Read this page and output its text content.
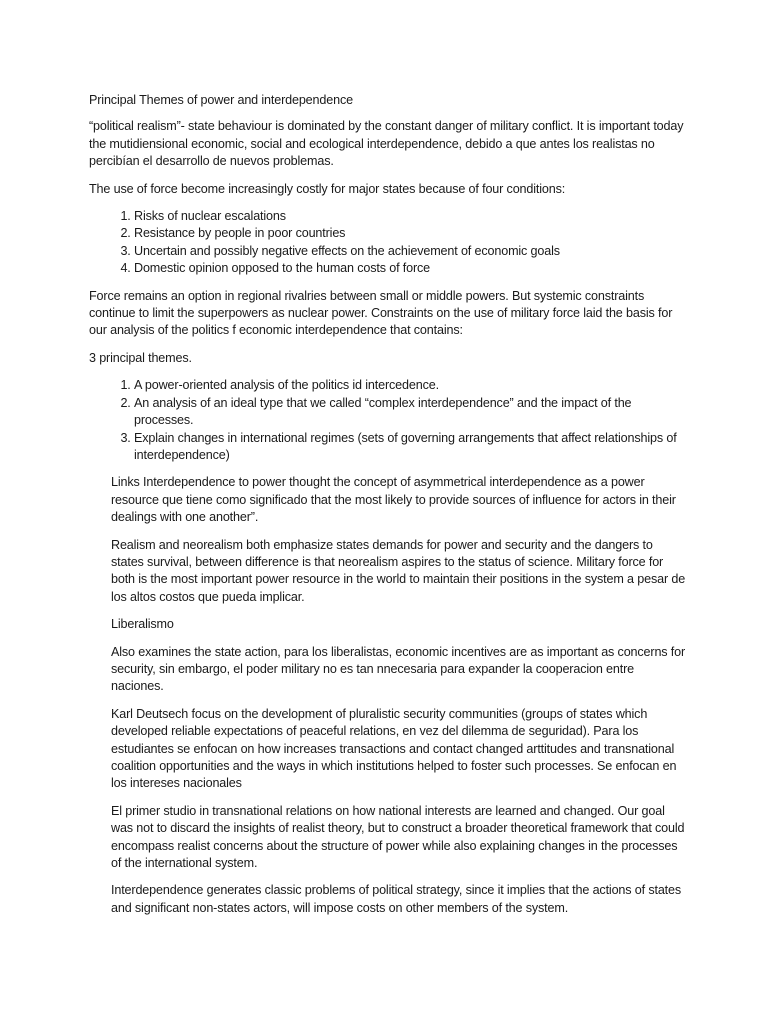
Principal Themes of power and interdependence

“political realism”- state behaviour is dominated by the constant danger of military conflict. It is important today the mutidiensional economic, social and ecological interdependence, debido a que antes los realistas no percibían el desarrollo de nuevos problemas.

The use of force become increasingly costly for major states because of four conditions:

1. Risks of nuclear escalations
2. Resistance by people in poor countries
3. Uncertain and possibly negative effects on the achievement of economic goals
4. Domestic opinion opposed to the human costs of force

Force remains an option in regional rivalries between small or middle powers. But systemic constraints continue to limit the superpowers as nuclear power. Constraints on the use of military force laid the basis for our analysis of the politics f economic interdependence that contains:

3 principal themes.

1. A power-oriented analysis of the politics id intercedence.
2. An analysis of an ideal type that we called “complex interdependence” and the impact of the processes.
3. Explain changes in international regimes (sets of governing arrangements that affect relationships of interdependence)

Links Interdependence to power thought the concept of asymmetrical interdependence as a power resource que tiene como significado that the most likely to provide sources of influence for actors in their dealings with one another”.

Realism and neorealism both emphasize states demands for power and security and the dangers to states survival, between difference is that neorealism aspires to the status of science. Military force for both is the most important power resource in the world to maintain their positions in the system a pesar de los altos costos que pueda implicar.

Liberalismo

Also examines the state action, para los liberalistas, economic incentives are as important as concerns for security, sin embargo, el poder military no es tan nnecesaria para expander la cooperacion entre naciones.

Karl Deutsech focus on the development of pluralistic security communities (groups of states which developed reliable expectations of peaceful relations, en vez del dilemma de seguridad). Para los estudiantes se enfocan on how increases transactions and contact changed arttitudes and transnational coalition opportunities and the ways in which institutions helped to foster such processes. Se enfocan en los intereses nacionales

El primer studio in transnational relations on how national interests are learned and changed. Our goal was not to discard the insights of realist theory, but to construct a broader theoretical framework that could encompass realist concerns about the structure of power while also explaining changes in the processes of the international system.

Interdependence generates classic problems of political strategy, since it implies that the actions of states and significant non-states actors, will impose costs on other members of the system.
